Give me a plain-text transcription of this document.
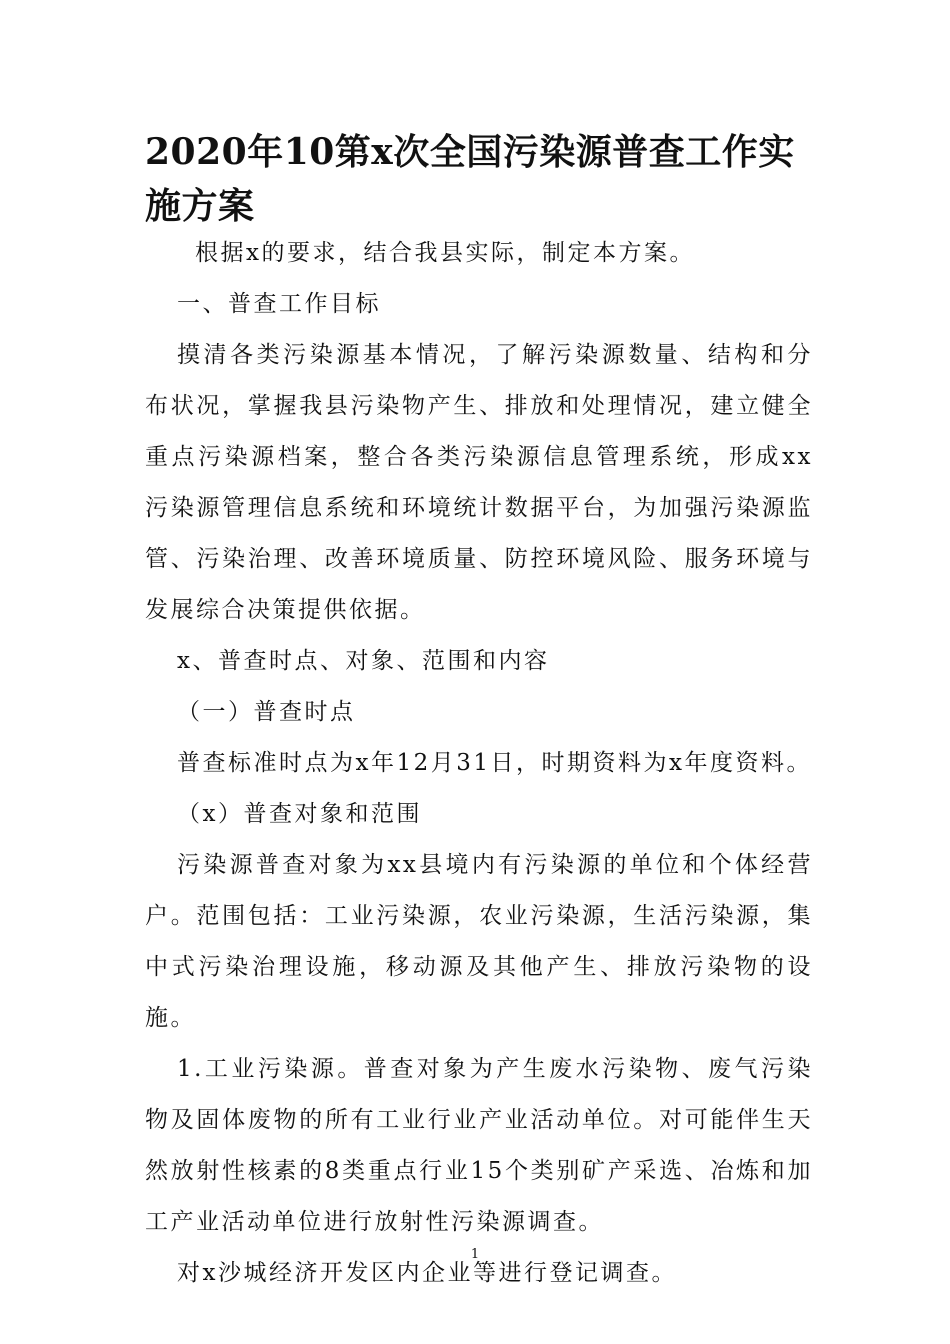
2020年10第x次全国污染源普查工作实施方案

根据x的要求，结合我县实际，制定本方案。

一、普查工作目标

摸清各类污染源基本情况，了解污染源数量、结构和分布状况，掌握我县污染物产生、排放和处理情况，建立健全重点污染源档案，整合各类污染源信息管理系统，形成xx污染源管理信息系统和环境统计数据平台，为加强污染源监管、污染治理、改善环境质量、防控环境风险、服务环境与发展综合决策提供依据。

x、普查时点、对象、范围和内容

（一）普查时点

普查标准时点为x年12月31日，时期资料为x年度资料。

（x）普查对象和范围

污染源普查对象为xx县境内有污染源的单位和个体经营户。范围包括：工业污染源，农业污染源，生活污染源，集中式污染治理设施，移动源及其他产生、排放污染物的设施。

1.工业污染源。普查对象为产生废水污染物、废气污染物及固体废物的所有工业行业产业活动单位。对可能伴生天然放射性核素的8类重点行业15个类别矿产采选、冶炼和加工产业活动单位进行放射性污染源调查。

对x沙城经济开发区内企业等进行登记调查。

1
